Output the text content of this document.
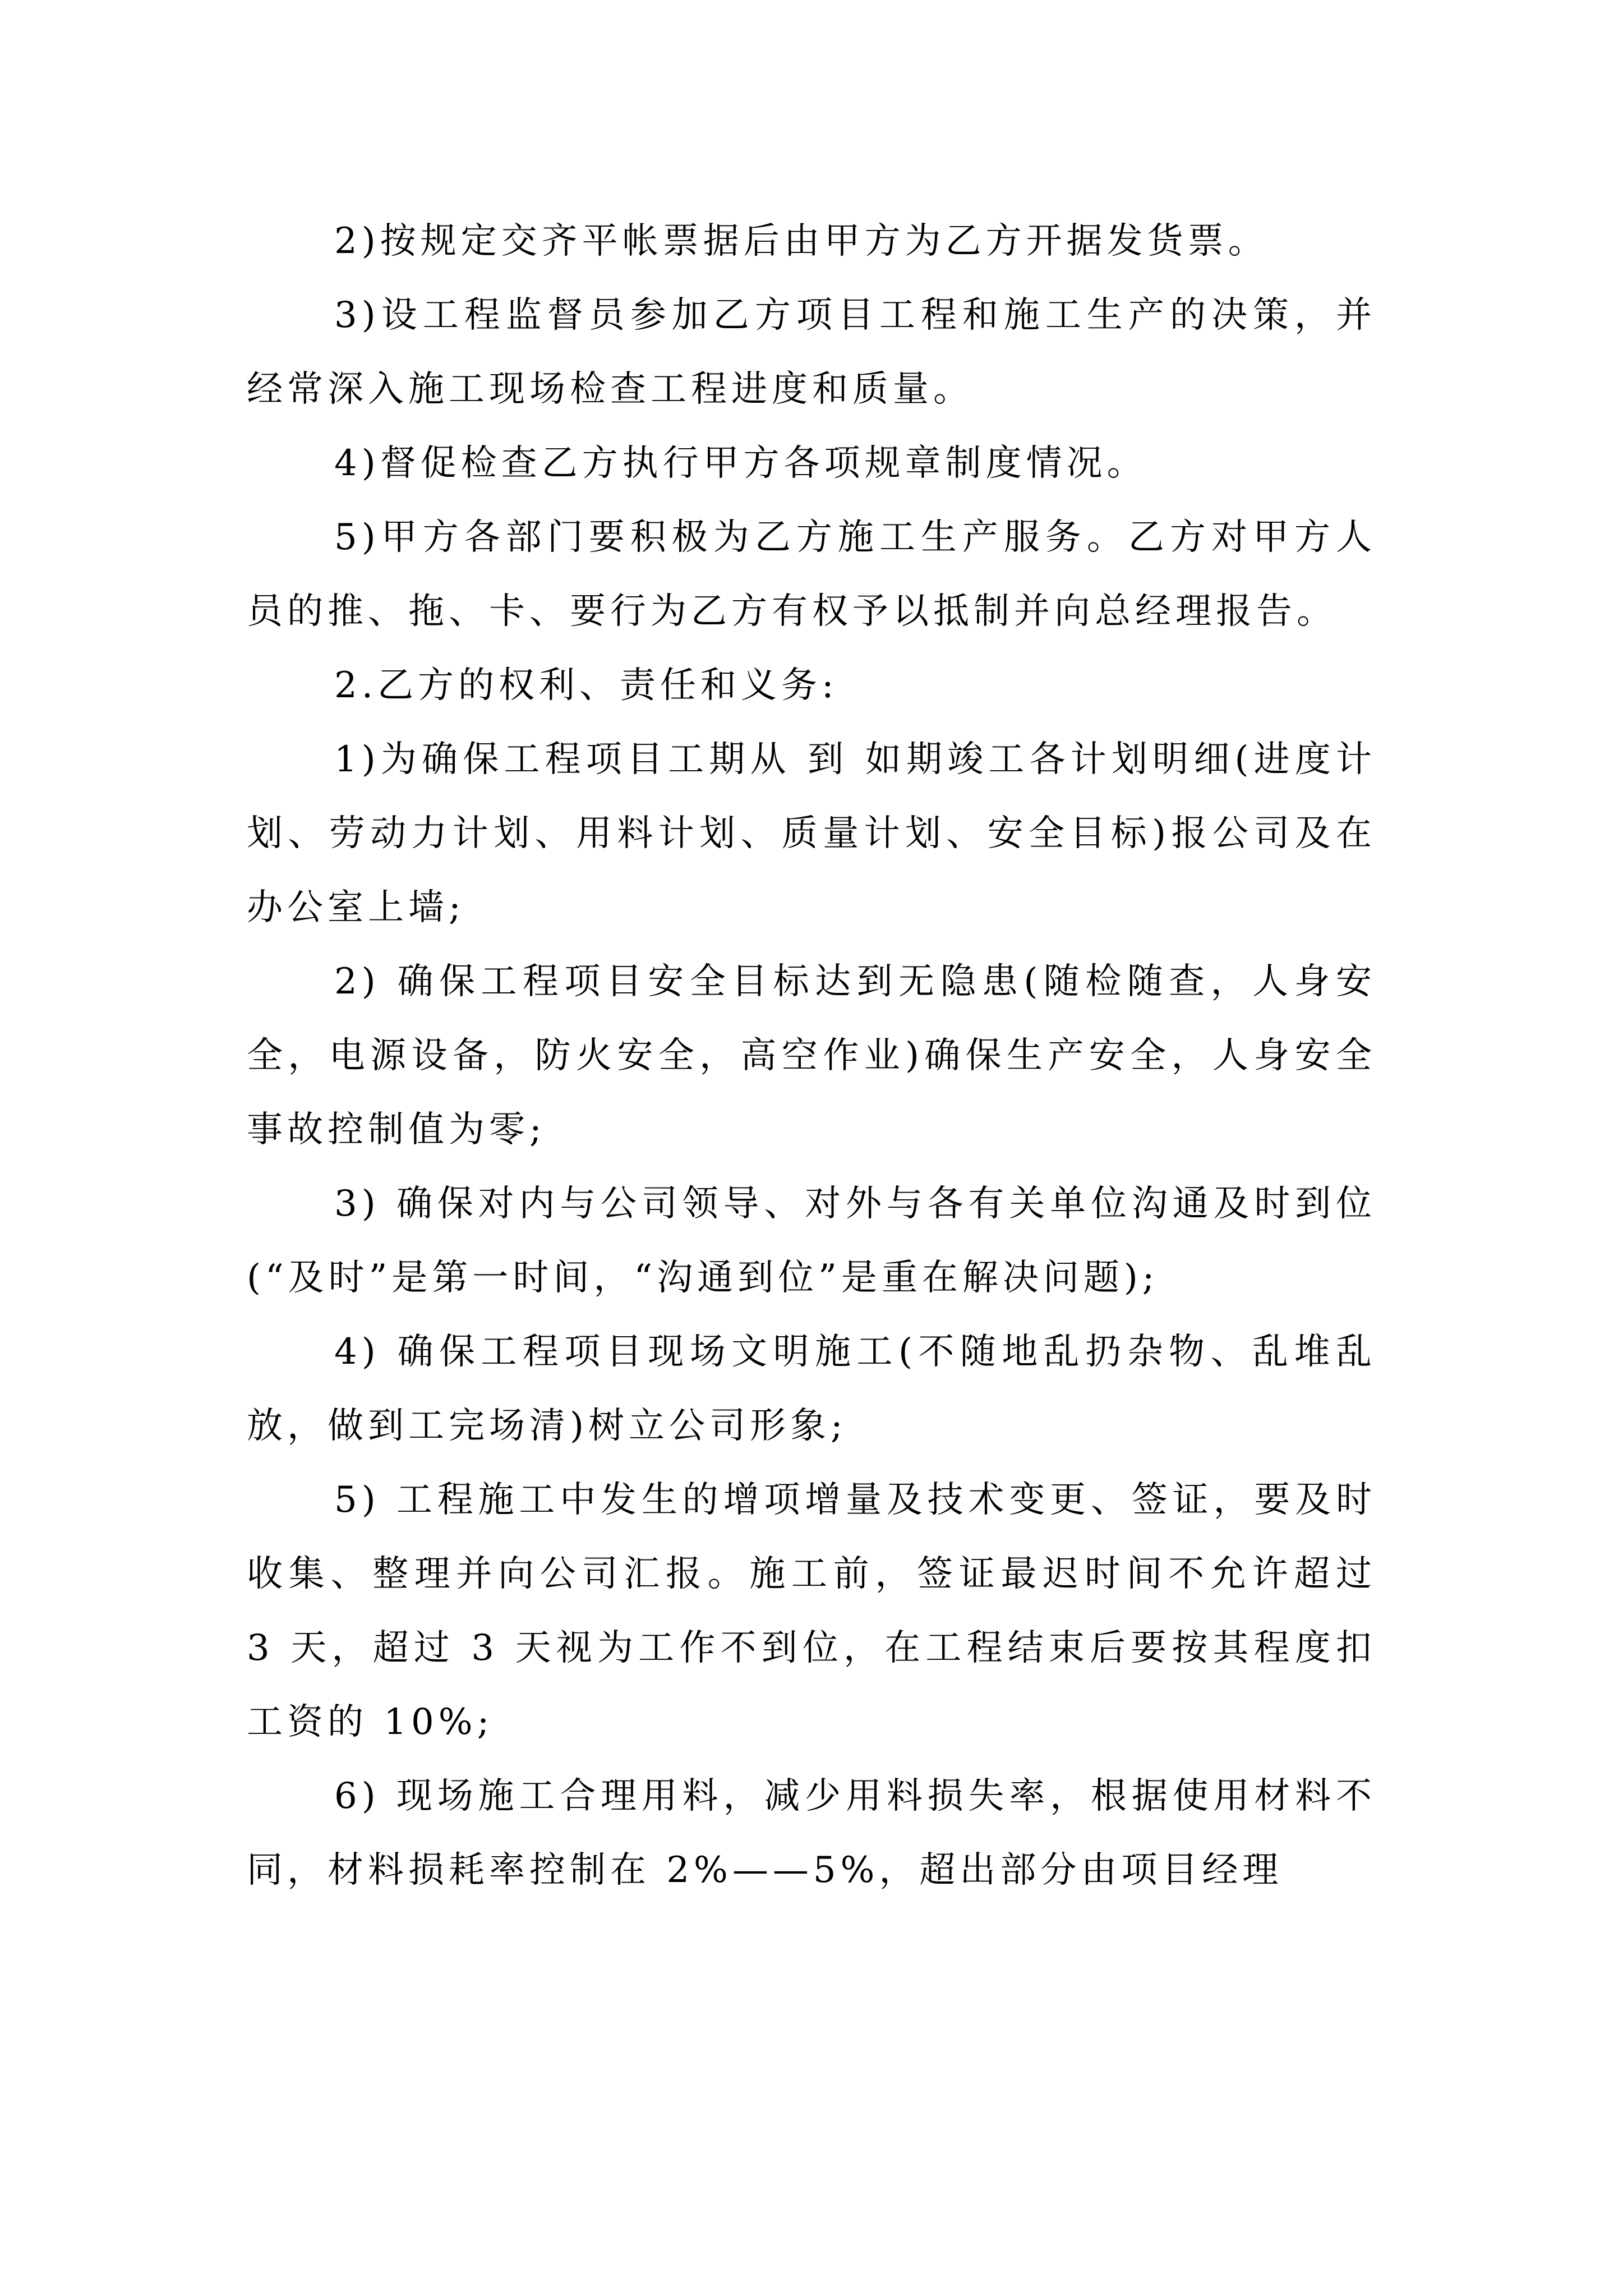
2)按规定交齐平帐票据后由甲方为乙方开据发货票。

3)设工程监督员参加乙方项目工程和施工生产的决策，并经常深入施工现场检查工程进度和质量。

4)督促检查乙方执行甲方各项规章制度情况。

5)甲方各部门要积极为乙方施工生产服务。乙方对甲方人员的推、拖、卡、要行为乙方有权予以抵制并向总经理报告。

2.乙方的权利、责任和义务:

1)为确保工程项目工期从 到 如期竣工各计划明细(进度计划、劳动力计划、用料计划、质量计划、安全目标)报公司及在办公室上墙;

2) 确保工程项目安全目标达到无隐患(随检随查，人身安全，电源设备，防火安全，高空作业)确保生产安全，人身安全事故控制值为零;

3) 确保对内与公司领导、对外与各有关单位沟通及时到位(“及时”是第一时间，“沟通到位”是重在解决问题);

4) 确保工程项目现场文明施工(不随地乱扔杂物、乱堆乱放，做到工完场清)树立公司形象;

5) 工程施工中发生的增项增量及技术变更、签证，要及时收集、整理并向公司汇报。施工前，签证最迟时间不允许超过 3 天，超过 3 天视为工作不到位，在工程结束后要按其程度扣工资的 10%;

6) 现场施工合理用料，减少用料损失率，根据使用材料不同，材料损耗率控制在 2%——5%，超出部分由项目经理
